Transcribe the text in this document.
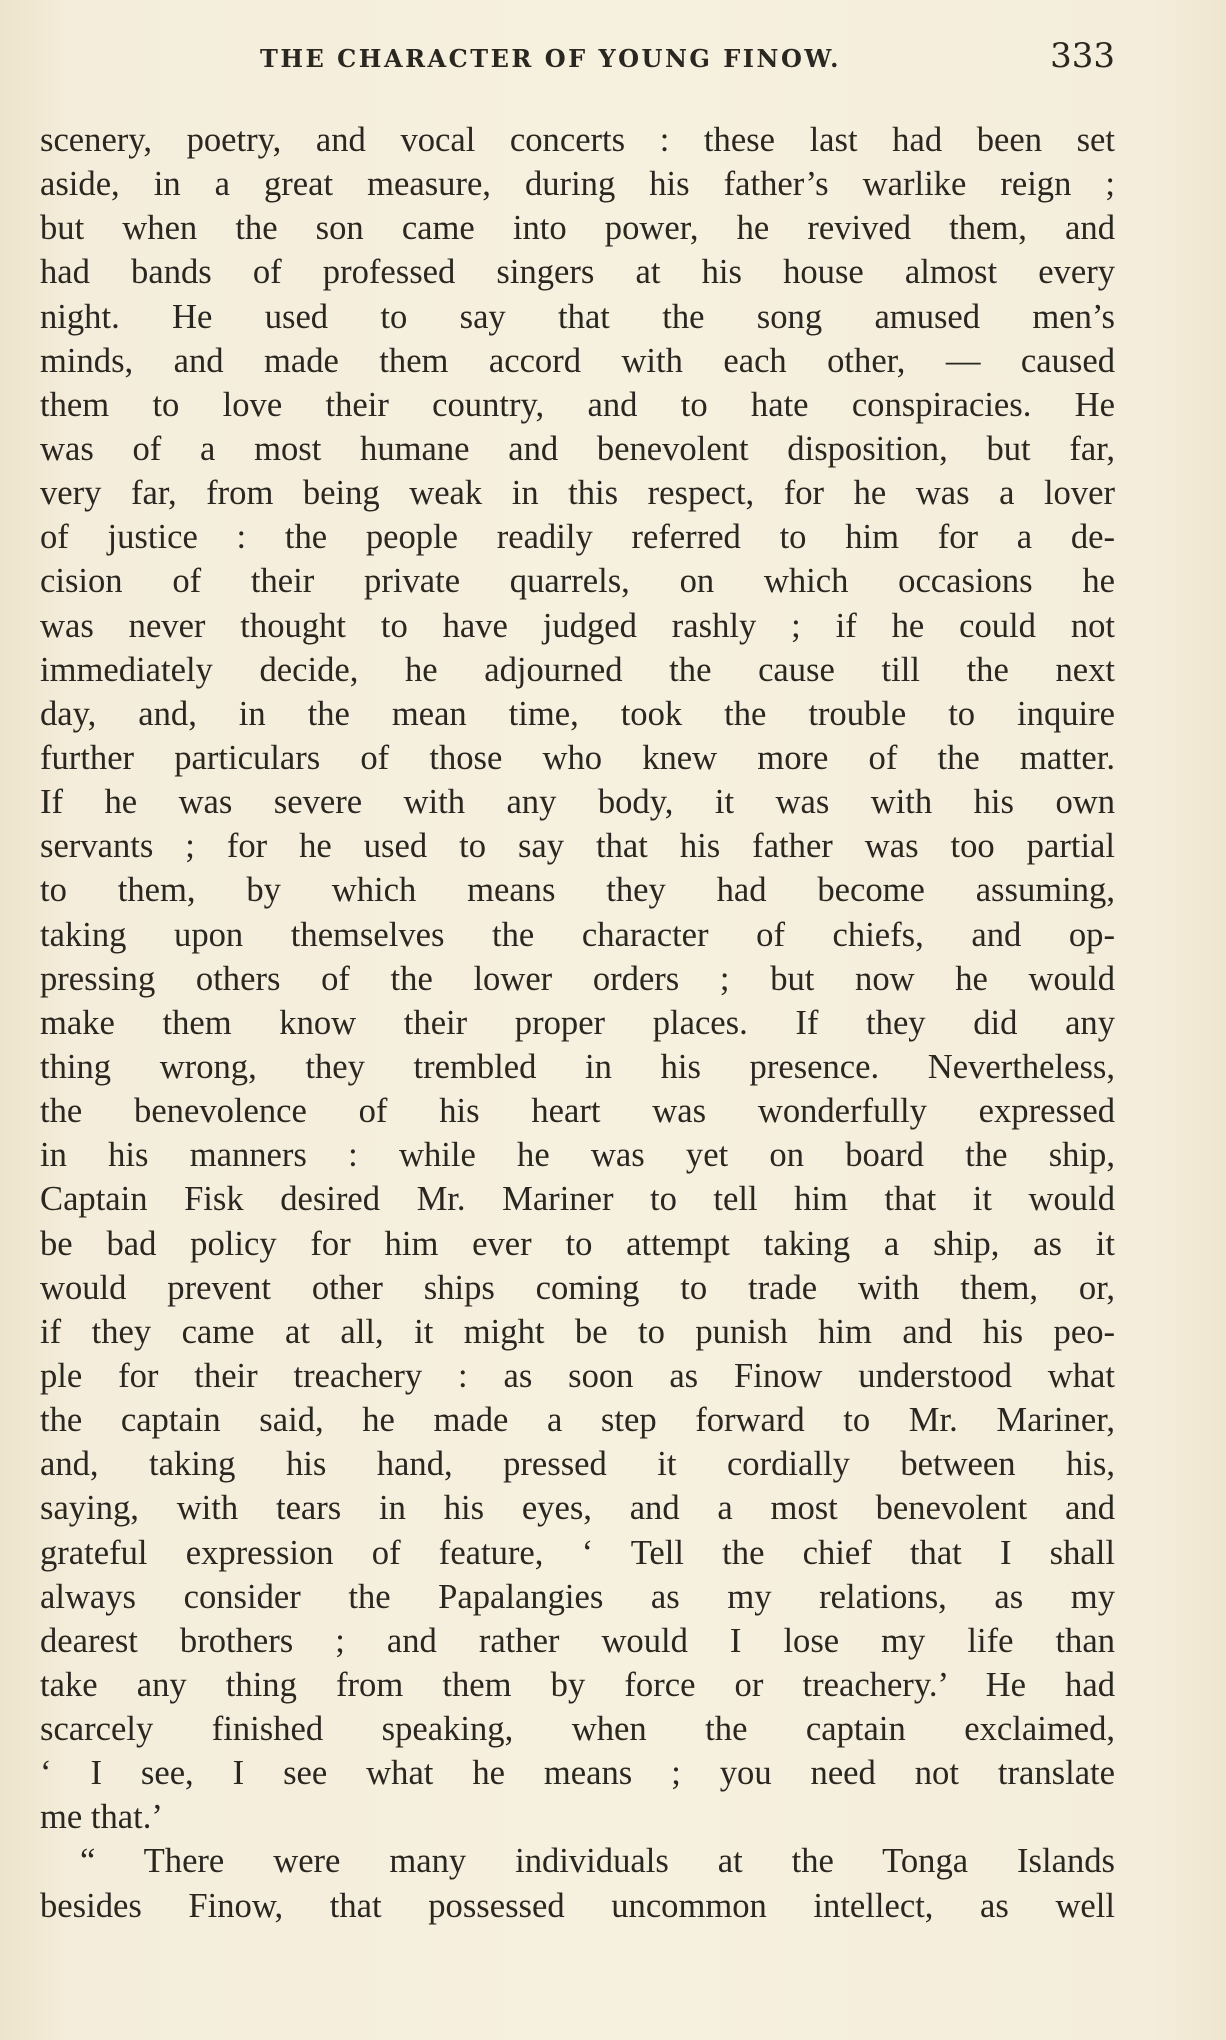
THE CHARACTER OF YOUNG FINOW.	333
scenery, poetry, and vocal concerts : these last had been set
aside, in a great measure, during his father’s warlike reign ;
but when the son came into power, he revived them, and
had bands of professed singers at his house almost every
night. He used to say that the song amused men’s
minds, and made them accord with each other, — caused
them to love their country, and to hate conspiracies. He
was of a most humane and benevolent disposition, but far,
very far, from being weak in this respect, for he was a lover
of justice : the people readily referred to him for a de-
cision of their private quarrels, on which occasions he
was never thought to have judged rashly ; if he could not
immediately decide, he adjourned the cause till the next
day, and, in the mean time, took the trouble to inquire
further particulars of those who knew more of the matter.
If he was severe with any body, it was with his own
servants ; for he used to say that his father was too partial
to them, by which means they had become assuming,
taking upon themselves the character of chiefs, and op-
pressing others of the lower orders ; but now he would
make them know their proper places. If they did any
thing wrong, they trembled in his presence. Nevertheless,
the benevolence of his heart was wonderfully expressed
in his manners : while he was yet on board the ship,
Captain Fisk desired Mr. Mariner to tell him that it would
be bad policy for him ever to attempt taking a ship, as it
would prevent other ships coming to trade with them, or,
if they came at all, it might be to punish him and his peo-
ple for their treachery : as soon as Finow understood what
the captain said, he made a step forward to Mr. Mariner,
and, taking his hand, pressed it cordially between his,
saying, with tears in his eyes, and a most benevolent and
grateful expression of feature, ‘ Tell the chief that I shall
always consider the Papalangies as my relations, as my
dearest brothers ; and rather would I lose my life than
take any thing from them by force or treachery.’ He had
scarcely finished speaking, when the captain exclaimed,
‘ I see, I see what he means ; you need not translate
me that.’
“ There were many individuals at the Tonga Islands
besides Finow, that possessed uncommon intellect, as well
